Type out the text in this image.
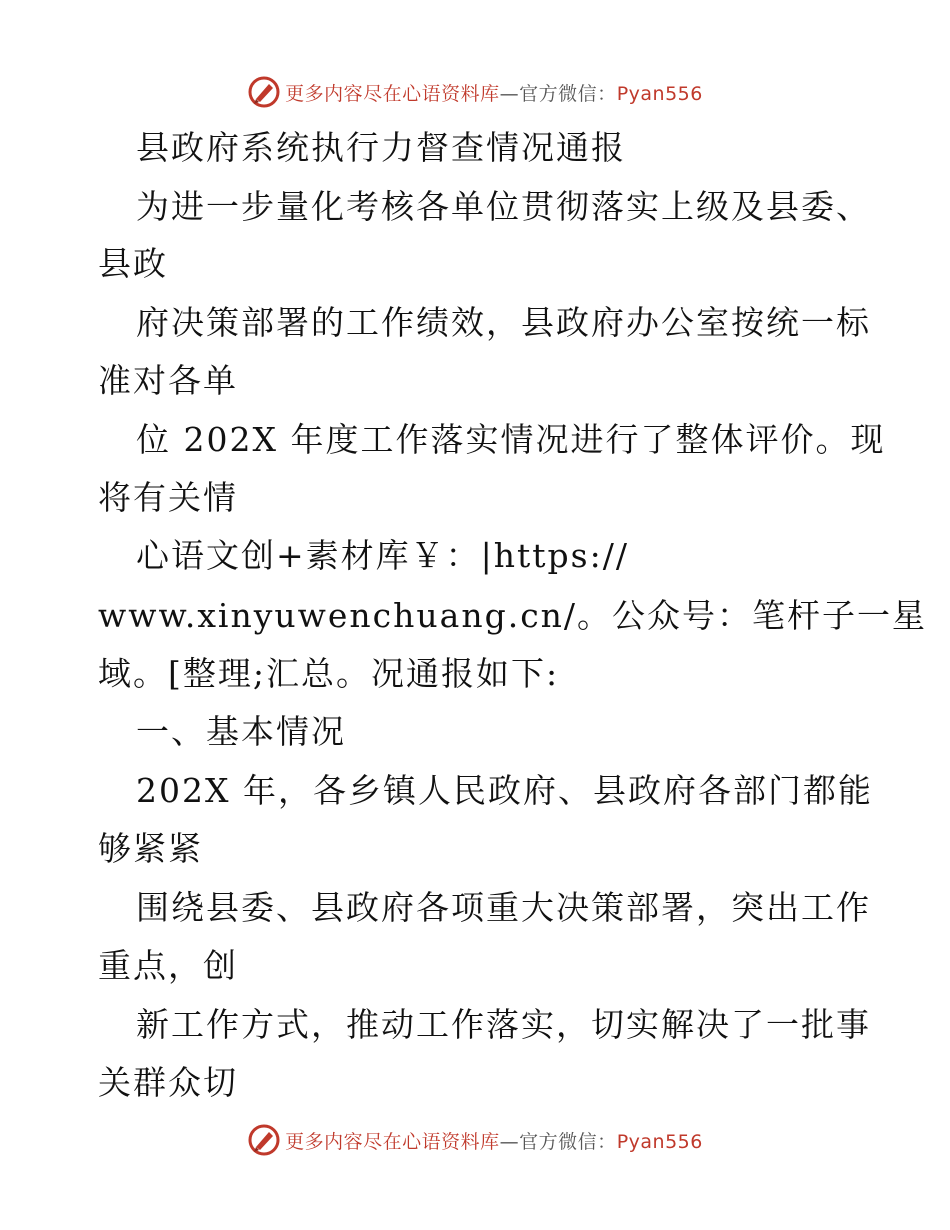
更多内容尽在心语资料库—官方微信：Pyan556
县政府系统执行力督查情况通报
为进一步量化考核各单位贯彻落实上级及县委、
县政
府决策部署的工作绩效，县政府办公室按统一标
准对各单
位 202X 年度工作落实情况进行了整体评价。现
将有关情
心语文创+素材库￥：|https://
www.xinyuwenchuang.cn/。公众号：笔杆子一星
域。[整理;汇总。况通报如下:
一、基本情况
202X 年，各乡镇人民政府、县政府各部门都能
够紧紧
围绕县委、县政府各项重大决策部署，突出工作
重点，创
新工作方式，推动工作落实，切实解决了一批事
关群众切
更多内容尽在心语资料库—官方微信：Pyan556
